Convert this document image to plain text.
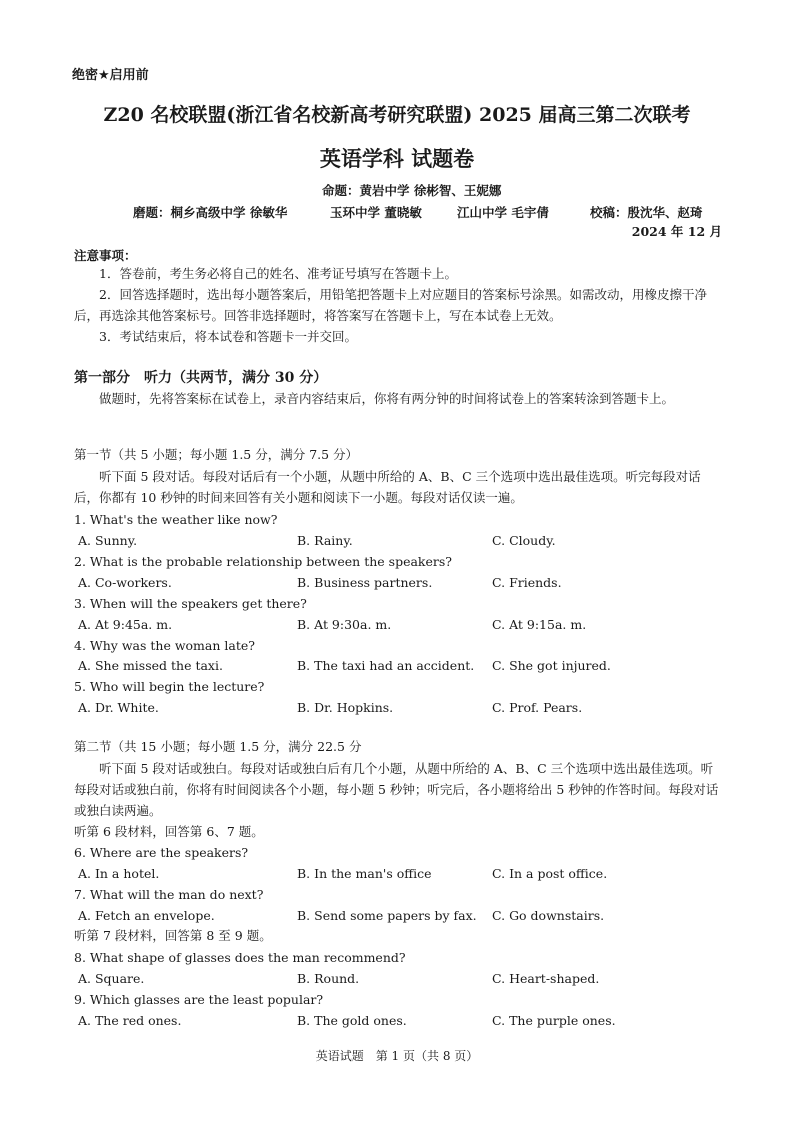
绝密★启用前
Z20 名校联盟(浙江省名校新高考研究联盟) 2025 届高三第二次联考
英语学科 试题卷
命题：黄岩中学 徐彬智、王妮娜
磨题：桐乡高级中学 徐敏华	玉环中学 董晓敏	江山中学 毛宇倩	校稿：殷沈华、赵琦
2024 年 12 月
注意事项：
1．答卷前，考生务必将自己的姓名、准考证号填写在答题卡上。
2．回答选择题时，选出每小题答案后，用铅笔把答题卡上对应题目的答案标号涂黑。如需改动，用橡皮擦干净后，再选涂其他答案标号。回答非选择题时，将答案写在答题卡上，写在本试卷上无效。
3．考试结束后，将本试卷和答题卡一并交回。
第一部分　听力（共两节，满分 30 分）
做题时，先将答案标在试卷上，录音内容结束后，你将有两分钟的时间将试卷上的答案转涂到答题卡上。
第一节（共 5 小题；每小题 1.5 分，满分 7.5 分）
听下面 5 段对话。每段对话后有一个小题，从题中所给的 A、B、C 三个选项中选出最佳选项。听完每段对话后，你都有 10 秒钟的时间来回答有关小题和阅读下一小题。每段对话仅读一遍。
1. What's the weather like now?
A. Sunny.	B. Rainy.	C. Cloudy.
2. What is the probable relationship between the speakers?
A. Co-workers.	B. Business partners.	C. Friends.
3. When will the speakers get there?
A. At 9:45a. m.	B. At 9:30a. m.	C. At 9:15a. m.
4. Why was the woman late?
A. She missed the taxi.	B. The taxi had an accident. C. She got injured.
5. Who will begin the lecture?
A. Dr. White.	B. Dr. Hopkins.	C. Prof. Pears.
第二节（共 15 小题；每小题 1.5 分，满分 22.5 分
听下面 5 段对话或独白。每段对话或独白后有几个小题，从题中所给的 A、B、C 三个选项中选出最佳选项。听每段对话或独白前，你将有时间阅读各个小题，每小题 5 秒钟；听完后，各小题将给出 5 秒钟的作答时间。每段对话或独白读两遍。
听第 6 段材料，回答第 6、7 题。
6. Where are the speakers?
A. In a hotel.	B. In the man's office	C. In a post office.
7. What will the man do next?
A. Fetch an envelope.	B. Send some papers by fax. C. Go downstairs.
听第 7 段材料，回答第 8 至 9 题。
8. What shape of glasses does the man recommend?
A. Square.	B. Round.	C. Heart-shaped.
9. Which glasses are the least popular?
A. The red ones.	B. The gold ones.	C. The purple ones.
英语试题　第 1 页（共 8 页）
